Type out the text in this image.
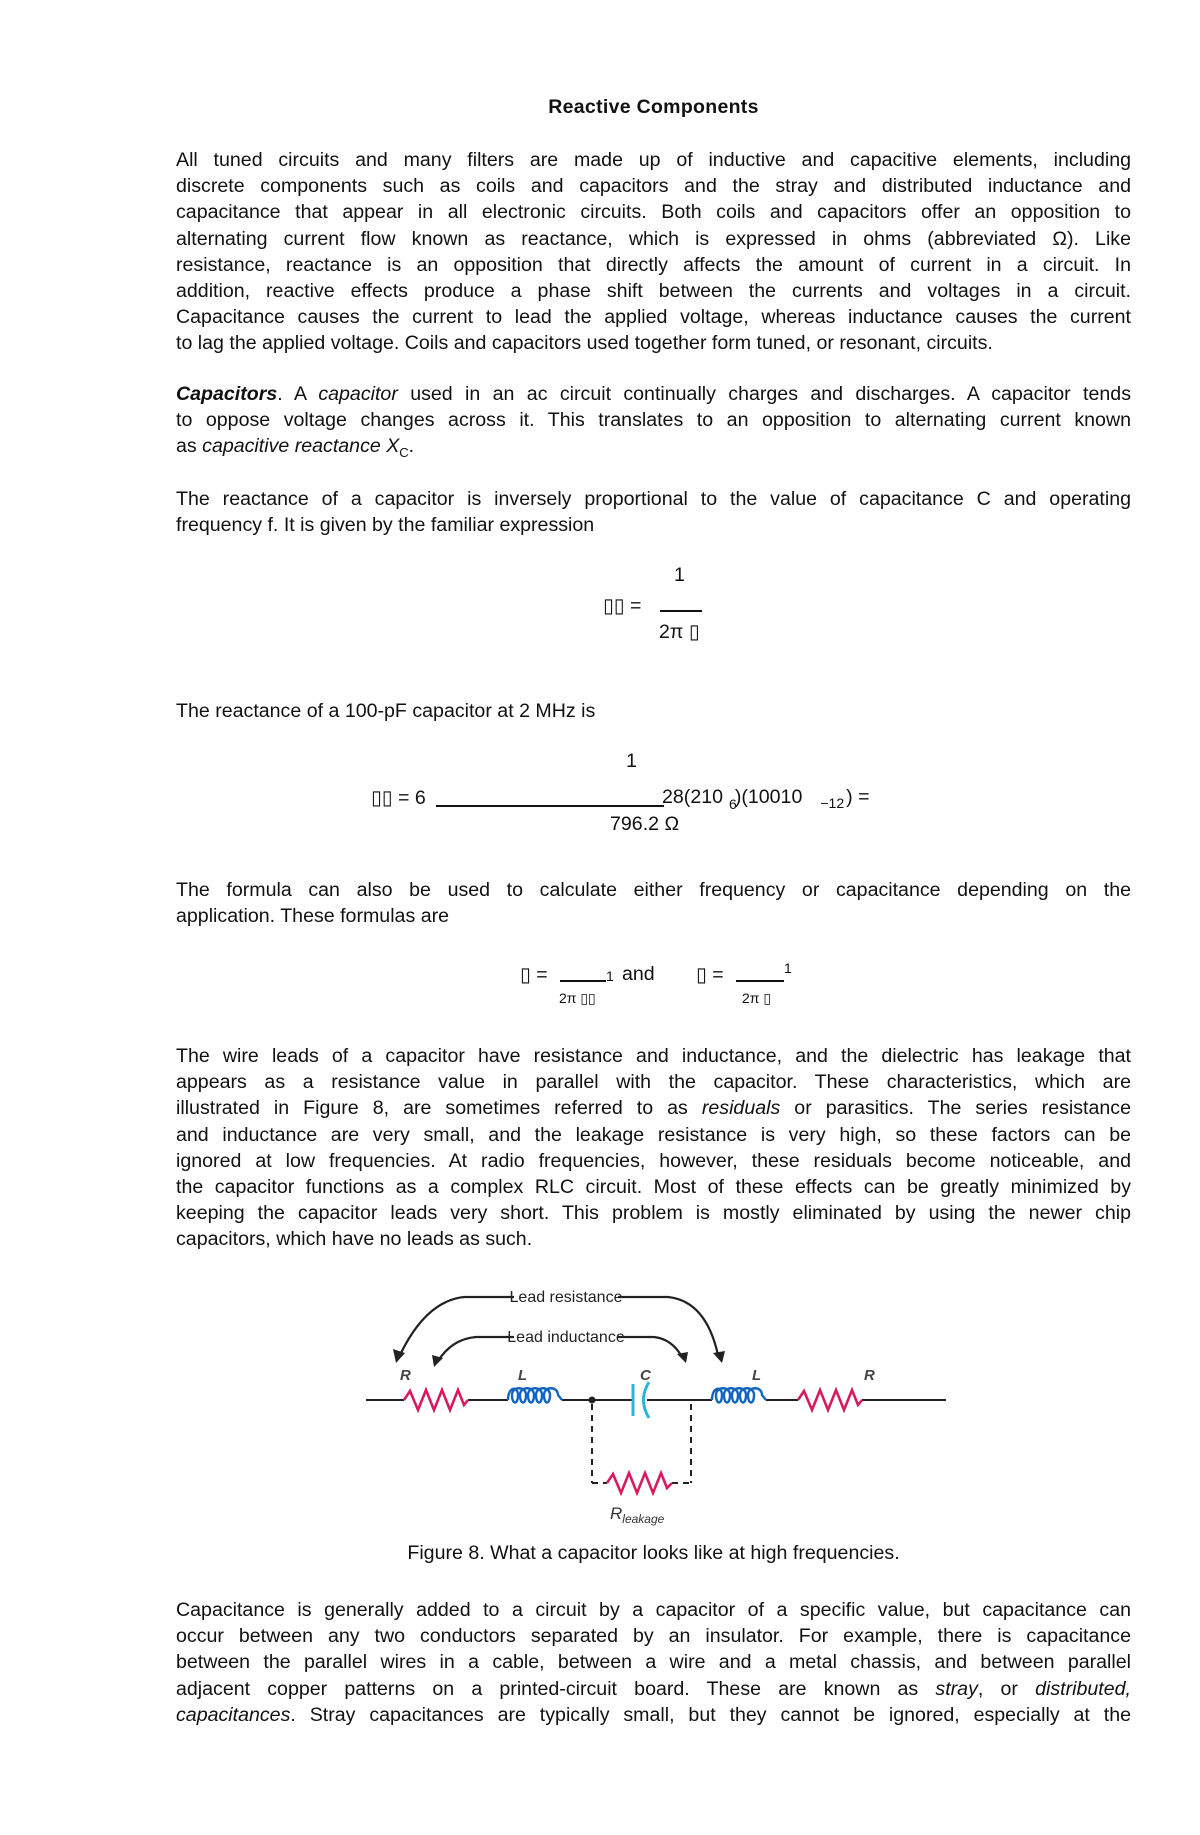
Reactive Components
All tuned circuits and many filters are made up of inductive and capacitive elements, including
discrete components such as coils and capacitors and the stray and distributed inductance and
capacitance that appear in all electronic circuits. Both coils and capacitors offer an opposition to
alternating current flow known as reactance, which is expressed in ohms (abbreviated Ω). Like
resistance, reactance is an opposition that directly affects the amount of current in a circuit. In
addition, reactive effects produce a phase shift between the currents and voltages in a circuit.
Capacitance causes the current to lead the applied voltage, whereas inductance causes the current
to lag the applied voltage. Coils and capacitors used together form tuned, or resonant, circuits.
Capacitors. A capacitor used in an ac circuit continually charges and discharges. A capacitor tends
to oppose voltage changes across it. This translates to an opposition to alternating current known
as capacitive reactance $X_C$.
The reactance of a capacitor is inversely proportional to the value of capacitance C and operating
frequency f. It is given by the familiar expression
1
▯▯ =
2π ▯
The reactance of a 100-pF capacitor at 2 MHz is
1
▯▯ = 6	28(210 $_6$)(10010 $_{-12}$ ) =
796.2 Ω
The formula can also be used to calculate either frequency or capacitance depending on the
application. These formulas are
▯ =	1 and
2π ▯▯
▯ =	1
2π ▯
The wire leads of a capacitor have resistance and inductance, and the dielectric has leakage that
appears as a resistance value in parallel with the capacitor. These characteristics, which are
illustrated in Figure 8, are sometimes referred to as residuals or parasitics. The series resistance
and inductance are very small, and the leakage resistance is very high, so these factors can be
ignored at low frequencies. At radio frequencies, however, these residuals become noticeable, and
the capacitor functions as a complex RLC circuit. Most of these effects can be greatly minimized by
keeping the capacitor leads very short. This problem is mostly eliminated by using the newer chip
capacitors, which have no leads as such.
Lead resistance
Lead inductance
R	L	C	L	R
$R_{leakage}$
Figure 8. What a capacitor looks like at high frequencies.
Capacitance is generally added to a circuit by a capacitor of a specific value, but capacitance can
occur between any two conductors separated by an insulator. For example, there is capacitance
between the parallel wires in a cable, between a wire and a metal chassis, and between parallel
adjacent copper patterns on a printed-circuit board. These are known as stray, or distributed,
capacitances. Stray capacitances are typically small, but they cannot be ignored, especially at the
